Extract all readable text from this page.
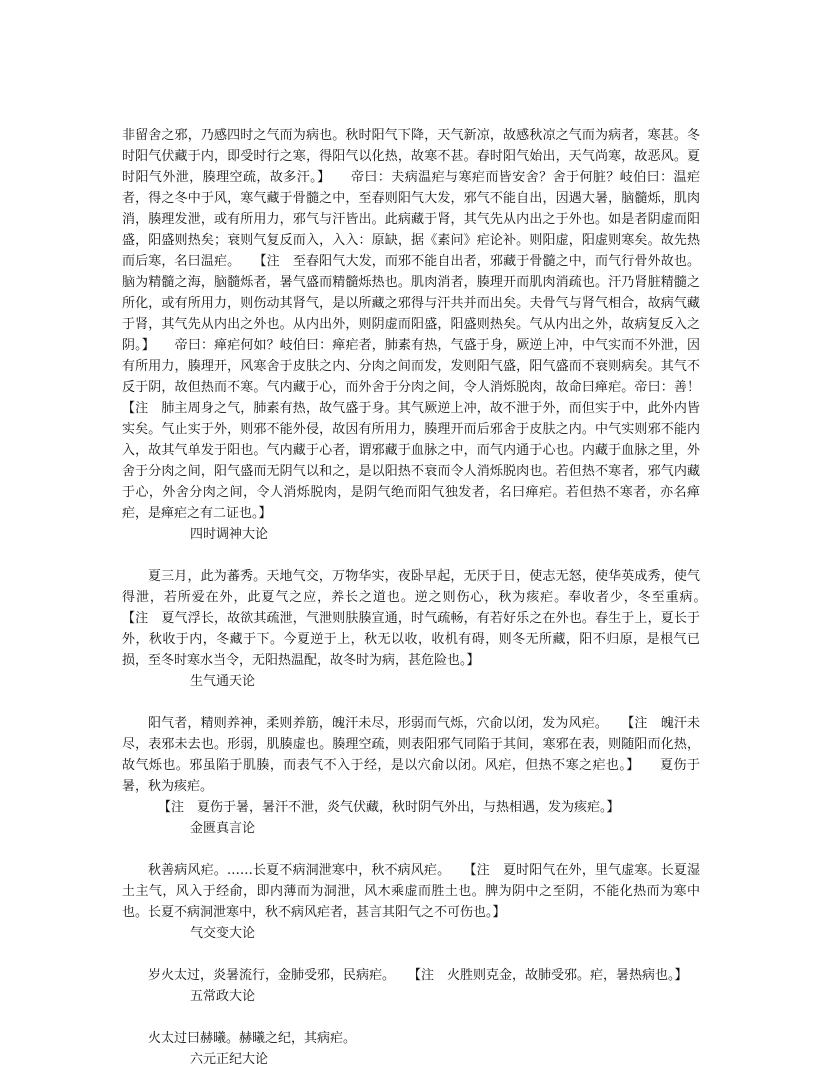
非留舍之邪，乃感四时之气而为病也。秋时阳气下降，天气新凉，故感秋凉之气而为病者，寒甚。冬时阳气伏藏于内，即受时行之寒，得阳气以化热，故寒不甚。春时阳气始出，天气尚寒，故恶风。夏时阳气外泄，腠理空疏，故多汗。】　　帝曰：夫病温疟与寒疟而皆安舍？舍于何脏？岐伯曰：温疟者，得之冬中于风，寒气藏于骨髓之中，至春则阳气大发，邪气不能自出，因遇大暑，脑髓烁，肌肉消，腠理发泄，或有所用力，邪气与汗皆出。此病藏于肾，其气先从内出之于外也。如是者阴虚而阳盛，阳盛则热矣；衰则气复反而入，入入：原缺，据《素问》疟论补。则阳虚，阳虚则寒矣。故先热而后寒，名曰温疟。　　【注　至春阳气大发，而邪不能自出者，邪藏于骨髓之中，而气行骨外故也。脑为精髓之海，脑髓烁者，暑气盛而精髓烁热也。肌肉消者，腠理开而肌肉消疏也。汗乃肾脏精髓之所化，或有所用力，则伤动其肾气，是以所藏之邪得与汗共并而出矣。夫骨气与肾气相合，故病气藏于肾，其气先从内出之外也。从内出外，则阴虚而阳盛，阳盛则热矣。气从内出之外，故病复反入之阴。】　　帝曰：瘅疟何如？岐伯曰：瘅疟者，肺素有热，气盛于身，厥逆上冲，中气实而不外泄，因有所用力，腠理开，风寒舍于皮肤之内、分肉之间而发，发则阳气盛，阳气盛而不衰则病矣。其气不反于阴，故但热而不寒。气内藏于心，而外舍于分肉之间，令人消烁脱肉，故命曰瘅疟。帝曰：善！　　【注　肺主周身之气，肺素有热，故气盛于身。其气厥逆上冲，故不泄于外，而但实于中，此外内皆实矣。气止实于外，则邪不能外侵，故因有所用力，腠理开而后邪舍于皮肤之内。中气实则邪不能内入，故其气单发于阳也。气内藏于心者，谓邪藏于血脉之中，而气内通于心也。内藏于血脉之里，外舍于分肉之间，阳气盛而无阴气以和之，是以阳热不衰而令人消烁脱肉也。若但热不寒者，邪气内藏于心，外舍分肉之间，令人消烁脱肉，是阴气绝而阳气独发者，名曰瘅疟。若但热不寒者，亦名瘅疟，是瘅疟之有二证也。】

四时调神大论

夏三月，此为蕃秀。天地气交，万物华实，夜卧早起，无厌于日，使志无怒，使华英成秀，使气得泄，若所爱在外，此夏气之应，养长之道也。逆之则伤心，秋为痎疟。奉收者少，冬至重病。　　【注　夏气浮长，故欲其疏泄，气泄则肤腠宣通，时气疏畅，有若好乐之在外也。春生于上，夏长于外，秋收于内，冬藏于下。今夏逆于上，秋无以收，收机有碍，则冬无所藏，阳不归原，是根气已损，至冬时寒水当令，无阳热温配，故冬时为病，甚危险也。】

生气通天论

阳气者，精则养神，柔则养筋，魄汗未尽，形弱而气烁，穴俞以闭，发为风疟。　　【注　魄汗未尽，表邪未去也。形弱，肌腠虚也。腠理空疏，则表阳邪气同陷于其间，寒邪在表，则随阳而化热，故气烁也。邪虽陷于肌腠，而表气不入于经，是以穴俞以闭。风疟，但热不寒之疟也。】　　夏伤于暑，秋为痎疟。

【注　夏伤于暑，暑汗不泄，炎气伏藏，秋时阴气外出，与热相遇，发为痎疟。】

金匮真言论

秋善病风疟。……长夏不病洞泄寒中，秋不病风疟。　　【注　夏时阳气在外，里气虚寒。长夏湿土主气，风入于经俞，即内薄而为洞泄，风木乘虚而胜土也。脾为阴中之至阴，不能化热而为寒中也。长夏不病洞泄寒中，秋不病风疟者，甚言其阳气之不可伤也。】

气交变大论

岁火太过，炎暑流行，金肺受邪，民病疟。　　【注　火胜则克金，故肺受邪。疟，暑热病也。】

五常政大论

火太过曰赫曦。赫曦之纪，其病疟。

六元正纪大论
